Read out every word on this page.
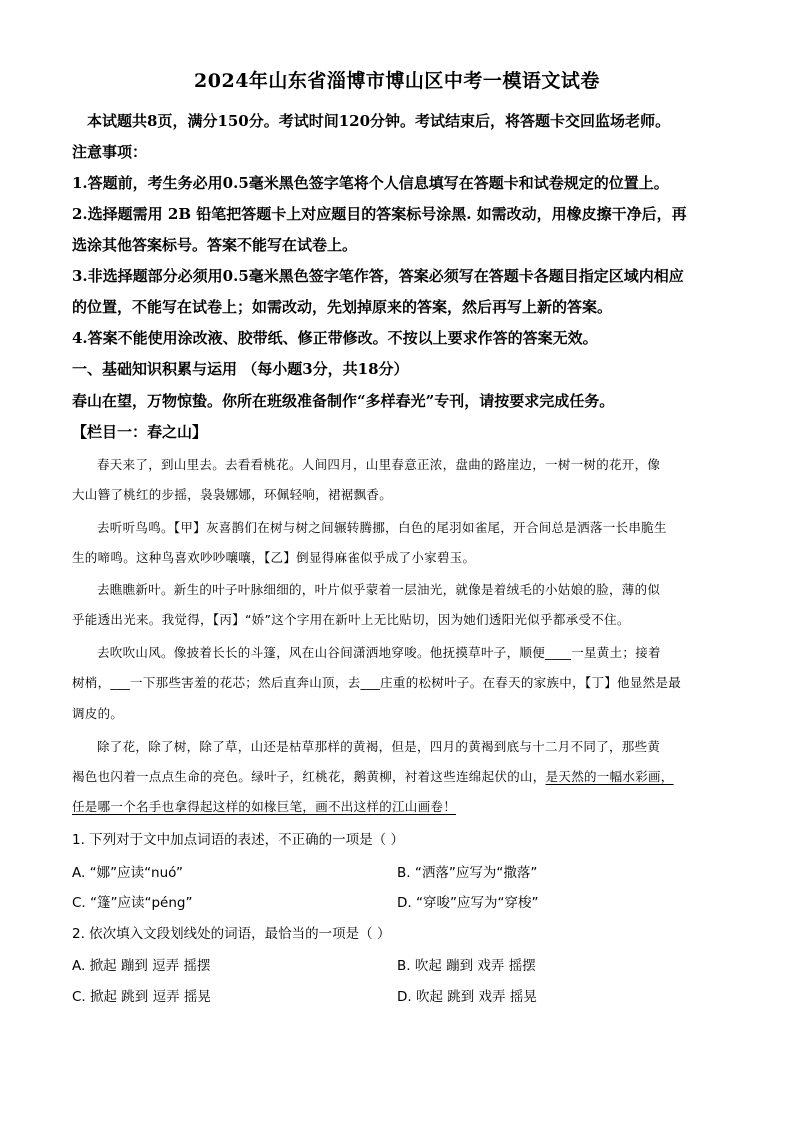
2024年山东省淄博市博山区中考一模语文试卷
本试题共8页，满分150分。考试时间120分钟。考试结束后，将答题卡交回监场老师。
注意事项：
1.答题前，考生务必用0.5毫米黑色签字笔将个人信息填写在答题卡和试卷规定的位置上。
2.选择题需用 2B 铅笔把答题卡上对应题目的答案标号涂黑. 如需改动，用橡皮擦干净后，再
选涂其他答案标号。答案不能写在试卷上。
3.非选择题部分必须用0.5毫米黑色签字笔作答，答案必须写在答题卡各题目指定区域内相应
的位置，不能写在试卷上；如需改动，先划掉原来的答案，然后再写上新的答案。
4.答案不能使用涂改液、胶带纸、修正带修改。不按以上要求作答的答案无效。
一、基础知识积累与运用 （每小题3分，共18分）
春山在望，万物惊蛰。你所在班级准备制作“多样春光”专刊，请按要求完成任务。
【栏目一：春之山】
春天来了，到山里去。去看看桃花。人间四月，山里春意正浓，盘曲的路崖边，一树一树的花开，像
大山簪了桃红的步摇，袅袅娜娜，环佩轻响，裙裾飘香。
去听听鸟鸣。【甲】灰喜鹊们在树与树之间辗转腾挪，白色的尾羽如雀尾，开合间总是洒落一长串脆生
生的啼鸣。这种鸟喜欢吵吵嚷嚷，【乙】倒显得麻雀似乎成了小家碧玉。
去瞧瞧新叶。新生的叶子叶脉细细的，叶片似乎蒙着一层油光，就像是着绒毛的小姑娘的脸，薄的似
乎能透出光来。我觉得，【丙】“娇”这个字用在新叶上无比贴切，因为她们透阳光似乎都承受不住。
去吹吹山风。像披着长长的斗篷，风在山谷间潇洒地穿唆。他抚摸草叶子，顺便____一星黄土；接着
树梢，___一下那些害羞的花芯；然后直奔山顶，去___庄重的松树叶子。在春天的家族中，【丁】他显然是最
调皮的。
除了花，除了树，除了草，山还是枯草那样的黄褐，但是，四月的黄褐到底与十二月不同了，那些黄
褐色也闪着一点点生命的亮色。绿叶子，红桃花，鹅黄柳，衬着这些连绵起伏的山，是天然的一幅水彩画，
任是哪一个名手也拿得起这样的如椽巨笔，画不出这样的江山画卷！
1. 下列对于文中加点词语的表述，不正确的一项是（ ）
A. “娜”应读“nuó”	B. “洒落”应写为“撒落”
C. “篷”应读“péng”	D. “穿唆”应写为“穿梭”
2. 依次填入文段划线处的词语，最恰当的一项是（ ）
A. 掀起 蹦到 逗弄 摇摆	B. 吹起 蹦到 戏弄 摇摆
C. 掀起 跳到 逗弄 摇晃	D. 吹起 跳到 戏弄 摇晃
